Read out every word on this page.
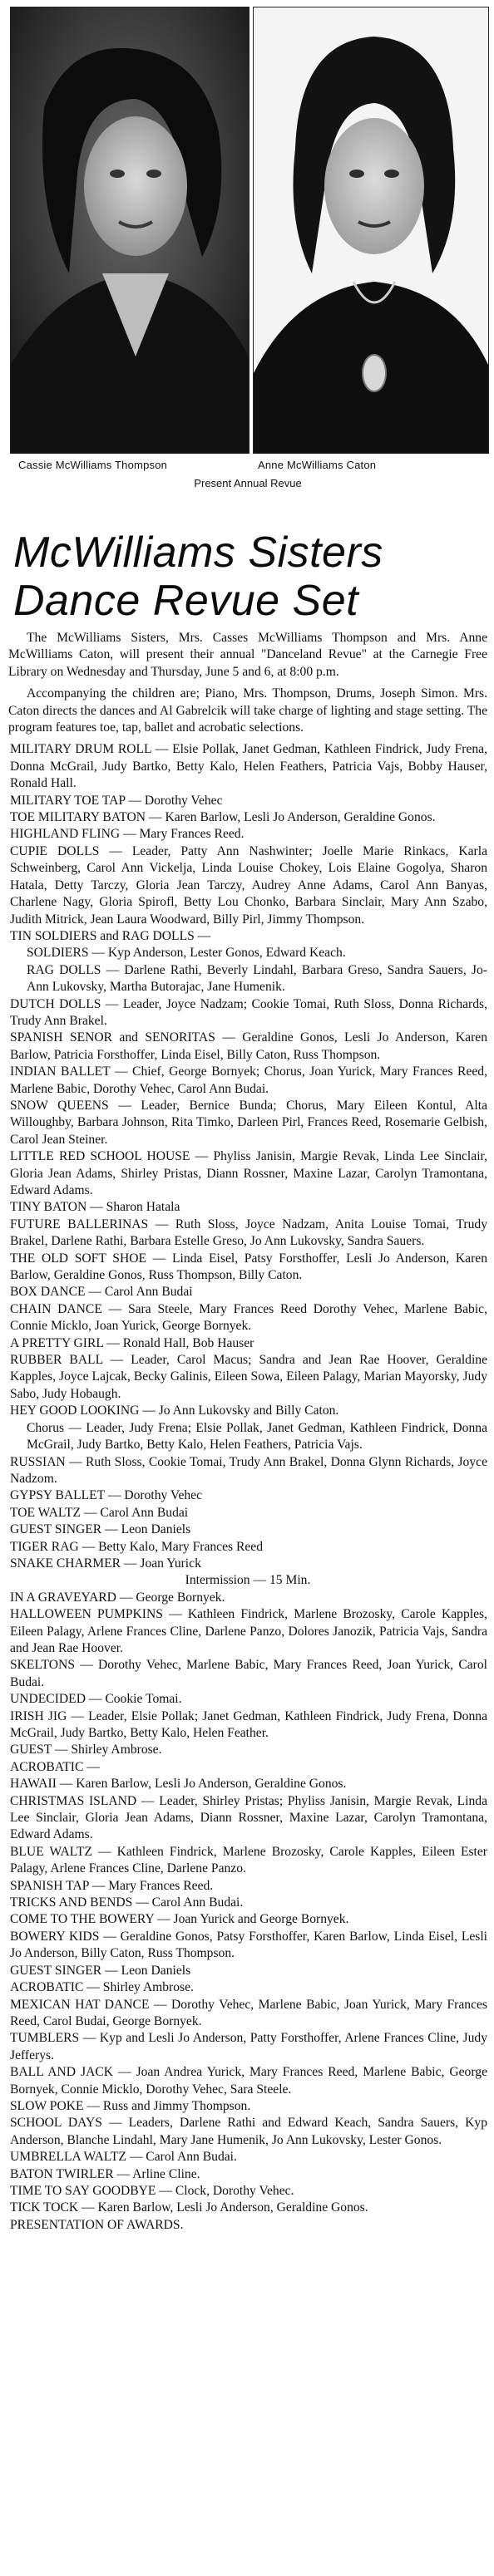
Cassie McWilliams Thompson	Anne McWilliams Caton
Present Annual Revue
McWilliams Sisters
Dance Revue Set

The McWilliams Sisters, Mrs. Casses McWilliams Thompson and Mrs. Anne McWilliams Caton, will present their annual "Danceland Revue" at the Carnegie Free Library on Wednesday and Thursday, June 5 and 6, at 8:00 p.m.

Accompanying the children are; Piano, Mrs. Thompson, Drums, Joseph Simon. Mrs. Caton directs the dances and Al Gabrelcik will take charge of lighting and stage setting. The program features toe, tap, ballet and acrobatic selections.

MILITARY DRUM ROLL — Elsie Pollak, Janet Gedman, Kathleen Findrick, Judy Frena, Donna McGrail, Judy Bartko, Betty Kalo, Helen Feathers, Patricia Vajs, Bobby Hauser, Ronald Hall.
MILITARY TOE TAP — Dorothy Vehec
TOE MILITARY BATON — Karen Barlow, Lesli Jo Anderson, Geraldine Gonos.
HIGHLAND FLING — Mary Frances Reed.
CUPIE DOLLS — Leader, Patty Ann Nashwinter; Joelle Marie Rinkacs, Karla Schweinberg, Carol Ann Vickelja, Linda Louise Chokey, Lois Elaine Gogolya, Sharon Hatala, Detty Tarczy, Gloria Jean Tarczy, Audrey Anne Adams, Carol Ann Banyas, Charlene Nagy, Gloria Spirofl, Betty Lou Chonko, Barbara Sinclair, Mary Ann Szabo, Judith Mitrick, Jean Laura Woodward, Billy Pirl, Jimmy Thompson.
TIN SOLDIERS and RAG DOLLS —
SOLDIERS — Kyp Anderson, Lester Gonos, Edward Keach.
RAG DOLLS — Darlene Rathi, Beverly Lindahl, Barbara Greso, Sandra Sauers, Jo-Ann Lukovsky, Martha Butorajac, Jane Humenik.
DUTCH DOLLS — Leader, Joyce Nadzam; Cookie Tomai, Ruth Sloss, Donna Richards, Trudy Ann Brakel.
SPANISH SENOR and SENORITAS — Geraldine Gonos, Lesli Jo Anderson, Karen Barlow, Patricia Forsthoffer, Linda Eisel, Billy Caton, Russ Thompson.
INDIAN BALLET — Chief, George Bornyek; Chorus, Joan Yurick, Mary Frances Reed, Marlene Babic, Dorothy Vehec, Carol Ann Budai.
SNOW QUEENS — Leader, Bernice Bunda; Chorus, Mary Eileen Kontul, Alta Willoughby, Barbara Johnson, Rita Timko, Darleen Pirl, Frances Reed, Rosemarie Gelbish, Carol Jean Steiner.
LITTLE RED SCHOOL HOUSE — Phyliss Janisin, Margie Revak, Linda Lee Sinclair, Gloria Jean Adams, Shirley Pristas, Diann Rossner, Maxine Lazar, Carolyn Tramontana, Edward Adams.
TINY BATON — Sharon Hatala
FUTURE BALLERINAS — Ruth Sloss, Joyce Nadzam, Anita Louise Tomai, Trudy Brakel, Darlene Rathi, Barbara Estelle Greso, Jo Ann Lukovsky, Sandra Sauers.
THE OLD SOFT SHOE — Linda Eisel, Patsy Forsthoffer, Lesli Jo Anderson, Karen Barlow, Geraldine Gonos, Russ Thompson, Billy Caton.
BOX DANCE — Carol Ann Budai
CHAIN DANCE — Sara Steele, Mary Frances Reed Dorothy Vehec, Marlene Babic, Connie Micklo, Joan Yurick, George Bornyek.
A PRETTY GIRL — Ronald Hall, Bob Hauser
RUBBER BALL — Leader, Carol Macus; Sandra and Jean Rae Hoover, Geraldine Kapples, Joyce Lajcak, Becky Galinis, Eileen Sowa, Eileen Palagy, Marian Mayorsky, Judy Sabo, Judy Hobaugh.
HEY GOOD LOOKING — Jo Ann Lukovsky and Billy Caton.
Chorus — Leader, Judy Frena; Elsie Pollak, Janet Gedman, Kathleen Findrick, Donna McGrail, Judy Bartko, Betty Kalo, Helen Feathers, Patricia Vajs.
RUSSIAN — Ruth Sloss, Cookie Tomai, Trudy Ann Brakel, Donna Glynn Richards, Joyce Nadzom.
GYPSY BALLET — Dorothy Vehec
TOE WALTZ — Carol Ann Budai
GUEST SINGER — Leon Daniels
TIGER RAG — Betty Kalo, Mary Frances Reed
SNAKE CHARMER — Joan Yurick
Intermission — 15 Min.
IN A GRAVEYARD — George Bornyek.
HALLOWEEN PUMPKINS — Kathleen Findrick, Marlene Brozosky, Carole Kapples, Eileen Palagy, Arlene Frances Cline, Darlene Panzo, Dolores Janozik, Patricia Vajs, Sandra and Jean Rae Hoover.
SKELTONS — Dorothy Vehec, Marlene Babic, Mary Frances Reed, Joan Yurick, Carol Budai.
UNDECIDED — Cookie Tomai.
IRISH JIG — Leader, Elsie Pollak; Janet Gedman, Kathleen Findrick, Judy Frena, Donna McGrail, Judy Bartko, Betty Kalo, Helen Feather.
GUEST — Shirley Ambrose.
ACROBATIC —
HAWAII — Karen Barlow, Lesli Jo Anderson, Geraldine Gonos.
CHRISTMAS ISLAND — Leader, Shirley Pristas; Phyliss Janisin, Margie Revak, Linda Lee Sinclair, Gloria Jean Adams, Diann Rossner, Maxine Lazar, Carolyn Tramontana, Edward Adams.
BLUE WALTZ — Kathleen Findrick, Marlene Brozosky, Carole Kapples, Eileen Ester Palagy, Arlene Frances Cline, Darlene Panzo.
SPANISH TAP — Mary Frances Reed.
TRICKS AND BENDS — Carol Ann Budai.
COME TO THE BOWERY — Joan Yurick and George Bornyek.
BOWERY KIDS — Geraldine Gonos, Patsy Forsthoffer, Karen Barlow, Linda Eisel, Lesli Jo Anderson, Billy Caton, Russ Thompson.
GUEST SINGER — Leon Daniels
ACROBATIC — Shirley Ambrose.
MEXICAN HAT DANCE — Dorothy Vehec, Marlene Babic, Joan Yurick, Mary Frances Reed, Carol Budai, George Bornyek.
TUMBLERS — Kyp and Lesli Jo Anderson, Patty Forsthoffer, Arlene Frances Cline, Judy Jefferys.
BALL AND JACK — Joan Andrea Yurick, Mary Frances Reed, Marlene Babic, George Bornyek, Connie Micklo, Dorothy Vehec, Sara Steele.
SLOW POKE — Russ and Jimmy Thompson.
SCHOOL DAYS — Leaders, Darlene Rathi and Edward Keach, Sandra Sauers, Kyp Anderson, Blanche Lindahl, Mary Jane Humenik, Jo Ann Lukovsky, Lester Gonos.
UMBRELLA WALTZ — Carol Ann Budai.
BATON TWIRLER — Arline Cline.
TIME TO SAY GOODBYE — Clock, Dorothy Vehec.
TICK TOCK — Karen Barlow, Lesli Jo Anderson, Geraldine Gonos.
PRESENTATION OF AWARDS.
